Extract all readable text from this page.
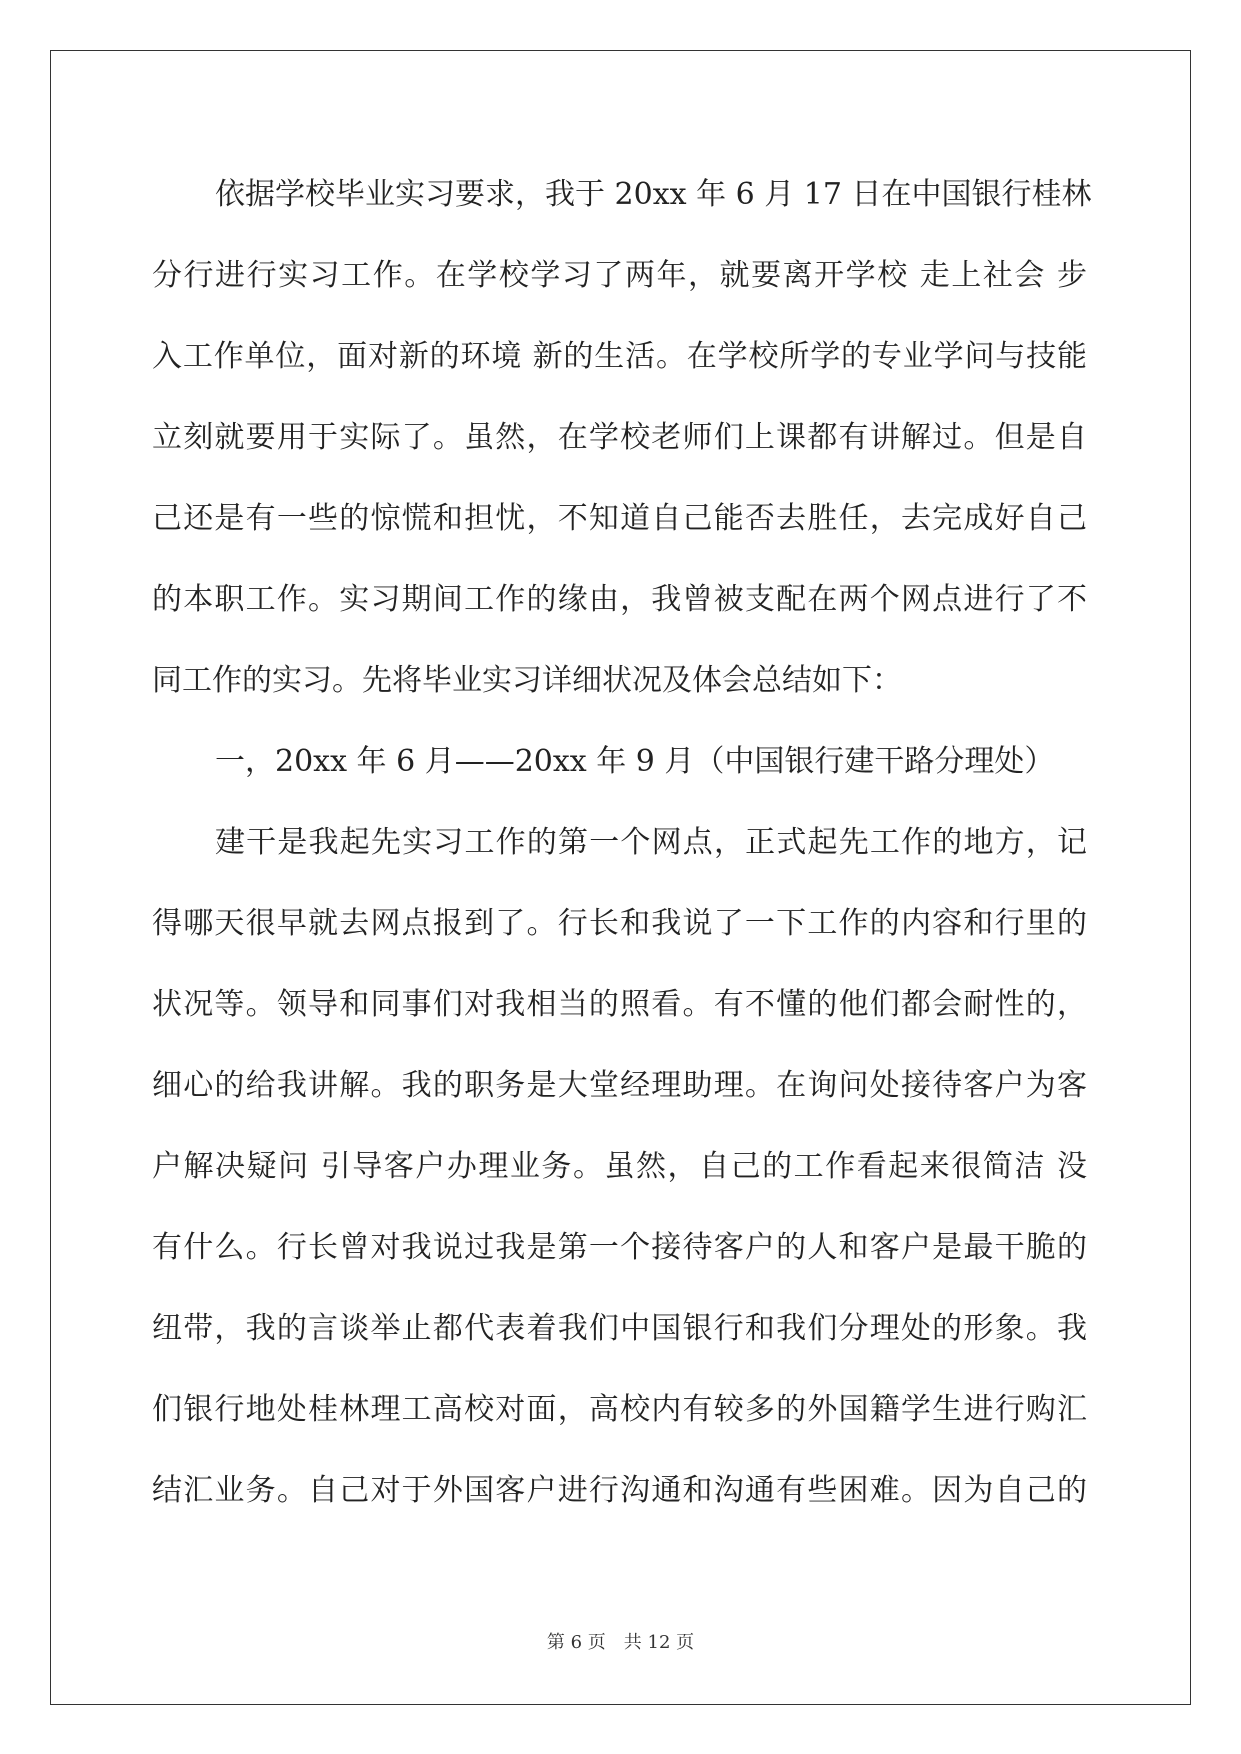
依据学校毕业实习要求，我于 20xx 年 6 月 17 日在中国银行桂林
分行进行实习工作。在学校学习了两年，就要离开学校 走上社会 步
入工作单位，面对新的环境 新的生活。在学校所学的专业学问与技能
立刻就要用于实际了。虽然，在学校老师们上课都有讲解过。但是自
己还是有一些的惊慌和担忧，不知道自己能否去胜任，去完成好自己
的本职工作。实习期间工作的缘由，我曾被支配在两个网点进行了不
同工作的实习。先将毕业实习详细状况及体会总结如下：
一，20xx 年 6 月——20xx 年 9 月（中国银行建干路分理处）
建干是我起先实习工作的第一个网点，正式起先工作的地方，记
得哪天很早就去网点报到了。行长和我说了一下工作的内容和行里的
状况等。领导和同事们对我相当的照看。有不懂的他们都会耐性的，
细心的给我讲解。我的职务是大堂经理助理。在询问处接待客户为客
户解决疑问 引导客户办理业务。虽然，自己的工作看起来很简洁 没
有什么。行长曾对我说过我是第一个接待客户的人和客户是最干脆的
纽带，我的言谈举止都代表着我们中国银行和我们分理处的形象。我
们银行地处桂林理工高校对面，高校内有较多的外国籍学生进行购汇
结汇业务。自己对于外国客户进行沟通和沟通有些困难。因为自己的
第 6 页 共 12 页
